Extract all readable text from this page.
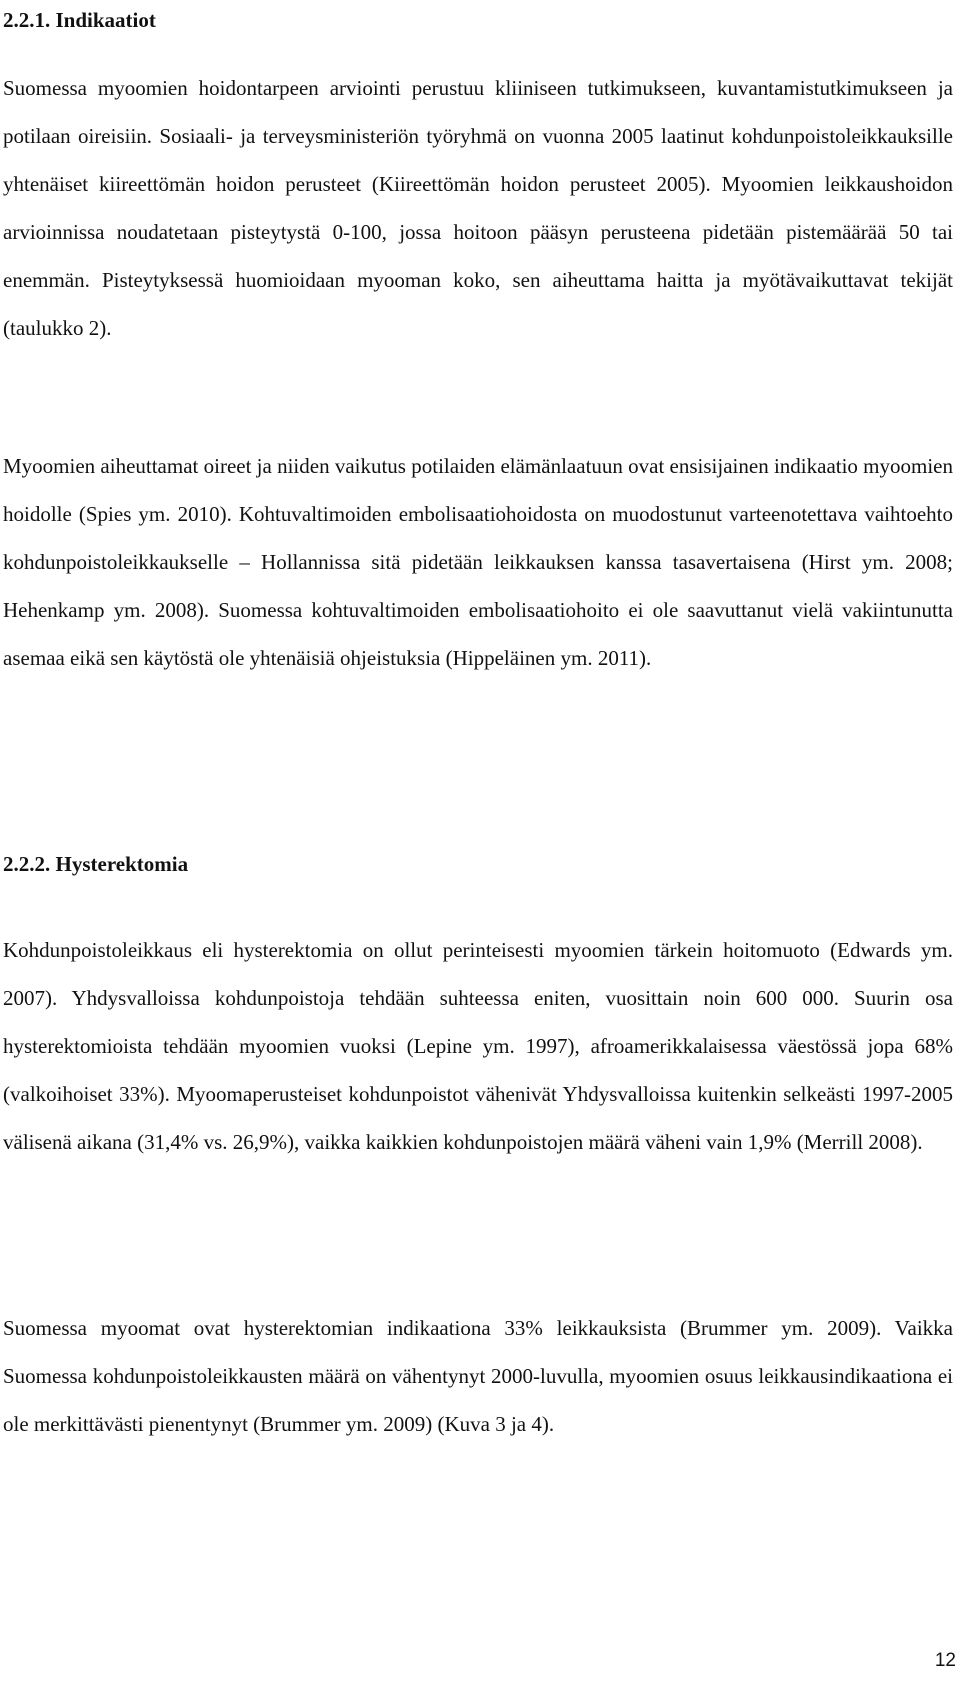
2.2.1. Indikaatiot

Suomessa myoomien hoidontarpeen arviointi perustuu kliiniseen tutkimukseen, kuvantamistutkimukseen ja potilaan oireisiin. Sosiaali- ja terveysministeriön työryhmä on vuonna 2005 laatinut kohdunpoistoleikkauksille yhtenäiset kiireettömän hoidon perusteet (Kiireettömän hoidon perusteet 2005). Myoomien leikkaushoidon arvioinnissa noudatetaan pisteytystä 0-100, jossa hoitoon pääsyn perusteena pidetään pistemäärää 50 tai enemmän. Pisteytyksessä huomioidaan myooman koko, sen aiheuttama haitta ja myötävaikuttavat tekijät (taulukko 2).

Myoomien aiheuttamat oireet ja niiden vaikutus potilaiden elämänlaatuun ovat ensisijainen indikaatio myoomien hoidolle (Spies ym. 2010). Kohtuvaltimoiden embolisaatiohoidosta on muodostunut varteenotettava vaihtoehto kohdunpoistoleikkaukselle – Hollannissa sitä pidetään leikkauksen kanssa tasavertaisena (Hirst ym. 2008; Hehenkamp ym. 2008). Suomessa kohtuvaltimoiden embolisaatiohoito ei ole saavuttanut vielä vakiintunutta asemaa eikä sen käytöstä ole yhtenäisiä ohjeistuksia (Hippeläinen ym. 2011).

2.2.2. Hysterektomia

Kohdunpoistoleikkaus eli hysterektomia on ollut perinteisesti myoomien tärkein hoitomuoto (Edwards ym. 2007). Yhdysvalloissa kohdunpoistoja tehdään suhteessa eniten, vuosittain noin 600 000. Suurin osa hysterektomioista tehdään myoomien vuoksi (Lepine ym. 1997), afroamerikkalaisessa väestössä jopa 68% (valkoihoiset 33%). Myoomaperusteiset kohdunpoistot vähenivät Yhdysvalloissa kuitenkin selkeästi 1997-2005 välisenä aikana (31,4% vs. 26,9%), vaikka kaikkien kohdunpoistojen määrä väheni vain 1,9% (Merrill 2008).

Suomessa myoomat ovat hysterektomian indikaationa 33% leikkauksista (Brummer ym. 2009). Vaikka Suomessa kohdunpoistoleikkausten määrä on vähentynyt 2000-luvulla, myoomien osuus leikkausindikaationa ei ole merkittävästi pienentynyt (Brummer ym. 2009) (Kuva 3 ja 4).

12
